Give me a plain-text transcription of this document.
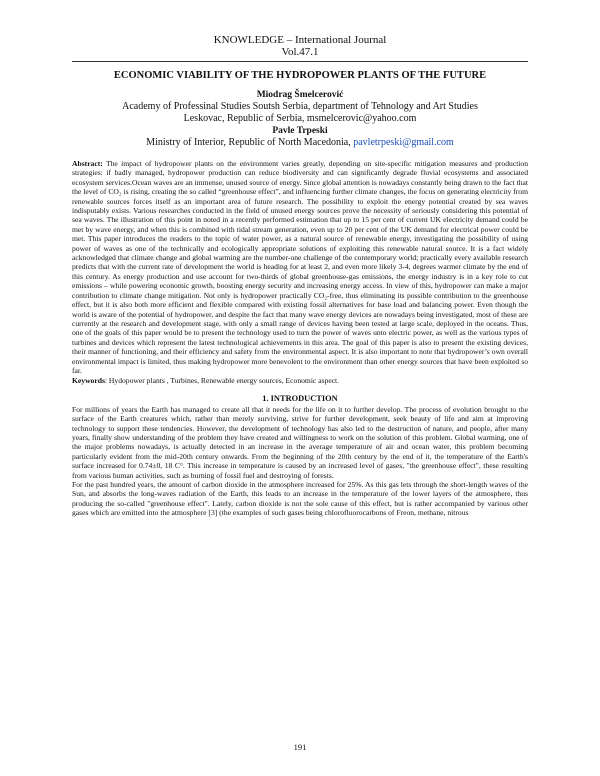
KNOWLEDGE – International Journal
Vol.47.1
ECONOMIC VIABILITY OF THE HYDROPOWER PLANTS OF THE FUTURE
Miodrag Šmelcerović
Academy of Professinal Studies Soutsh Serbia, department of Tehnology and Art Studies
Leskovac, Republic of Serbia, msmelcerovic@yahoo.com
Pavle Trpeski
Ministry of Interior, Republic of North Macedonia, pavletrpeski@gmail.com
Abstract: The impact of hydropower plants on the environment varies greatly, depending on site-specific mitigation measures and production strategies: if badly managed, hydropower production can reduce biodiversity and can significantly degrade fluvial ecosystems and associated ecosystem services.Ocean waves are an immense, unused source of energy. Since global attention is nowadays constantly being drawn to the fact that the level of CO₂ is rising, creating the so called “greenhouse effect”, and influencing further climate changes, the focus on generating electricity from renewable sources forces itself as an important area of future research. The possibility to exploit the energy potential created by sea waves indisputably exists. Various researches conducted in the field of unused energy sources prove the necessity of seriously considering this potential of sea waves. The illustration of this point in noted in a recently performed estimation that up to 15 per cent of current UK electricity demand could be met by wave energy, and when this is combined with tidal stream generation, even up to 20 per cent of the UK demand for electrical power could be met. This paper introduces the readers to the topic of water power, as a natural source of renewable energy, investigating the possibility of using power of waves as one of the technically and ecologically appropriate solutions of exploiting this renewable natural source. It is a fact widely acknowledged that climate change and global warming are the number-one challenge of the contemporary world; practically every available research predicts that with the current rate of development the world is heading for at least 2, and even more likely 3-4, degrees warmer climate by the end of this century. As energy production and use account for two-thirds of global greenhouse-gas emissions, the energy industry is in a key role to cut emissions – while powering economic growth, boosting energy security and increasing energy access. In view of this, hydropower can make a major contribution to climate change mitigation. Not only is hydropower practically CO₂-free, thus eliminating its possible contribution to the greenhouse effect, but it is also both more efficient and flexible compared with existing fossil alternatives for base load and balancing power. Even though the world is aware of the potential of hydropower, and despite the fact that many wave energy devices are nowadays being investigated, most of these are currently at the research and development stage, with only a small range of devices having been tested at large scale, deployed in the oceans. Thus, one of the goals of this paper would be to present the technology used to turn the power of waves unto electric power, as well as the various types of turbines and devices which represent the latest technological achievements in this area. The goal of this paper is also to present the existing devices, their manner of functioning, and their efficiency and safety from the environmental aspect. It is also important to note that hydropower’s own overall environmental impact is limited, thus making hydropower more benevolent to the environment than other energy sources that have been exploited so far.
Keywords: Hydopower plants , Turbines, Renewable energy sources, Economic aspect.
1. INTRODUCTION

For millions of years the Earth has managed to create all that it needs for the life on it to further develop. The process of evolution brought to the surface of the Earth creatures which, rather than merely surviving, strive for further development, seek beauty of life and aim at improving technology to support these tendencies. However, the development of technology has also led to the destruction of nature, and people, after many years, finally show understanding of the problem they have created and willingness to work on the solution of this problem. Global warming, one of the major problems nowadays, is actually detected in an increase in the average temperature of air and ocean water, this problem becoming particularly evident from the mid-20th century onwards. From the beginning of the 20th century by the end of it, the temperature of the Earth's surface increased for 0.74±0, 18 C°. This increase in temperature is caused by an increased level of gases, "the greenhouse effect", these resulting from various human activities, such as burning of fossil fuel and destroying of forests.

For the past hundred years, the amount of carbon dioxide in the atmosphere increased for 25%. As this gas lets through the short-length waves of the Sun, and absorbs the long-waves radiation of the Earth, this leads to an increase in the temperature of the lower layers of the atmosphere, thus producing the so-called "greenhouse effect". Lately, carbon dioxide is not the sole cause of this effect, but is rather accompanied by various other gases which are emitted into the atmosphere [3] (the examples of such gases being chlorofluorocarbons of Freon, methane, nitrous

191
